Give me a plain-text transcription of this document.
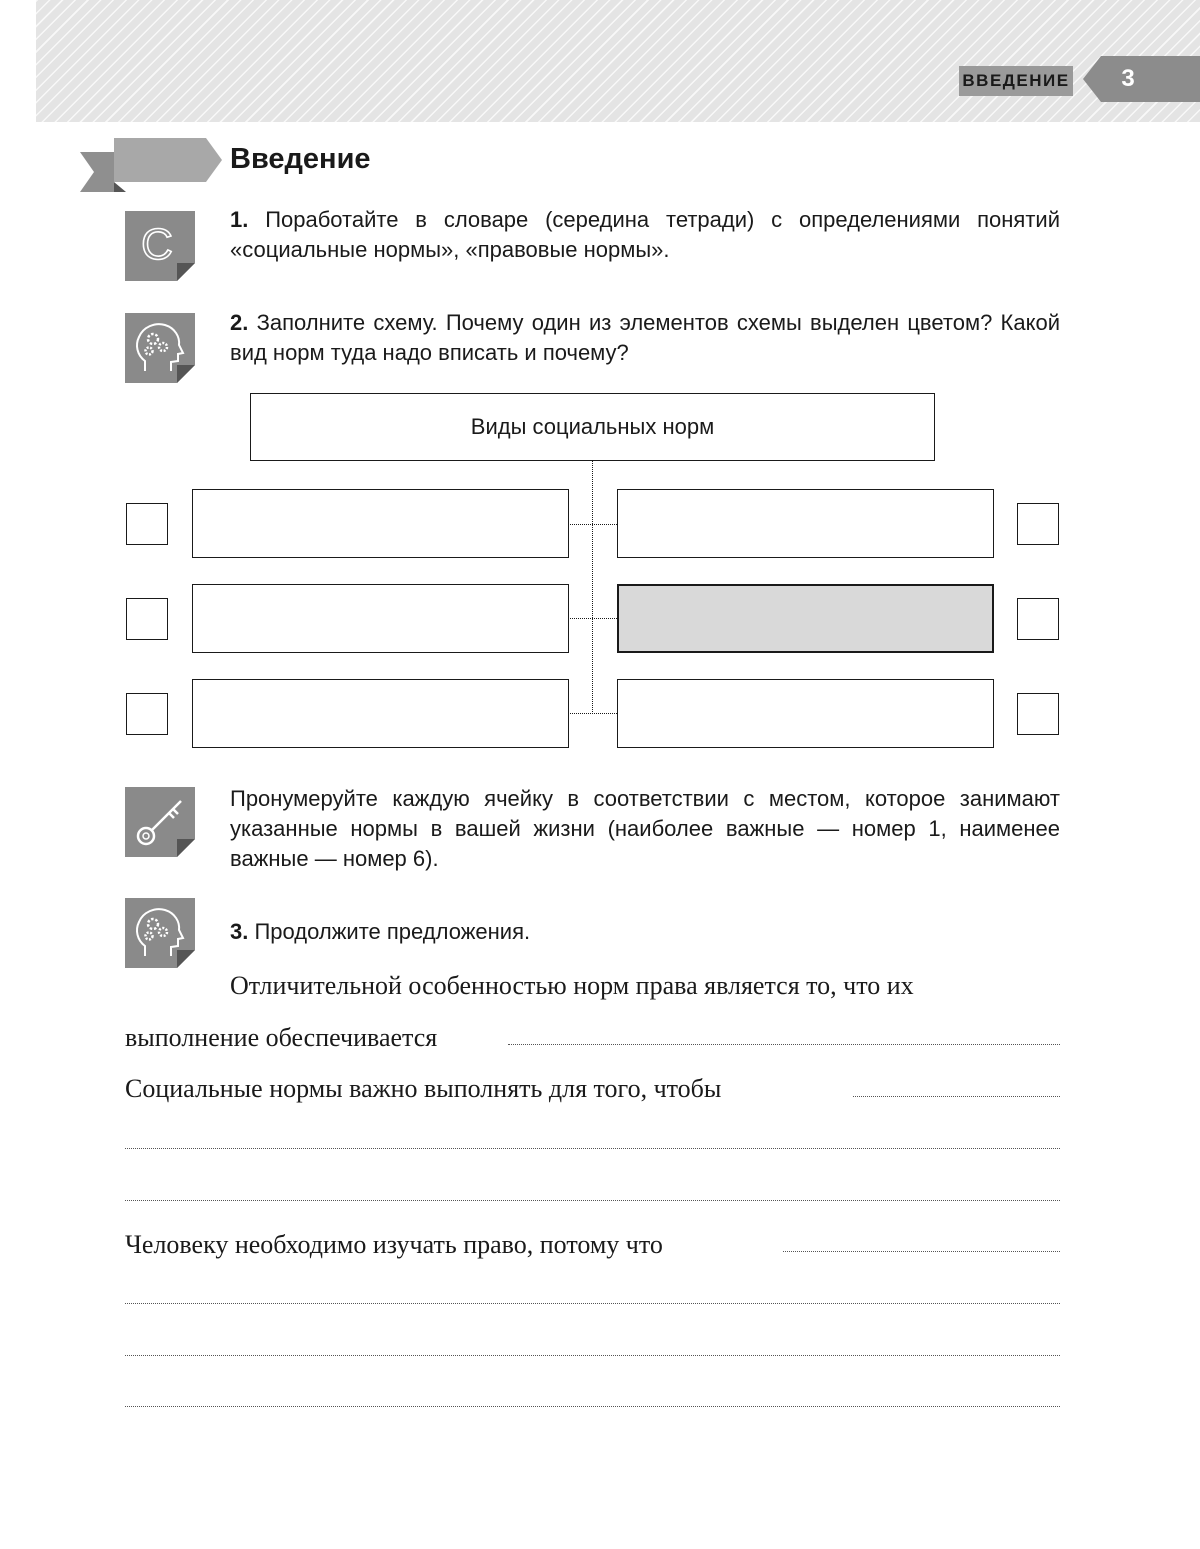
ВВЕДЕНИЕ	3
Введение
C
1. Поработайте в словаре (середина тетради) с определениями понятий «социальные нормы», «правовые нормы».
2. Заполните схему. Почему один из элементов схемы выделен цветом? Какой вид норм туда надо вписать и почему?
Виды социальных норм
Пронумеруйте каждую ячейку в соответствии с местом, которое занимают указанные нормы в вашей жизни (наиболее важные — номер 1, наименее важные — номер 6).
3. Продолжите предложения.
Отличительной особенностью норм права является то, что их
выполнение обеспечивается
Социальные нормы важно выполнять для того, чтобы
Человеку необходимо изучать право, потому что
